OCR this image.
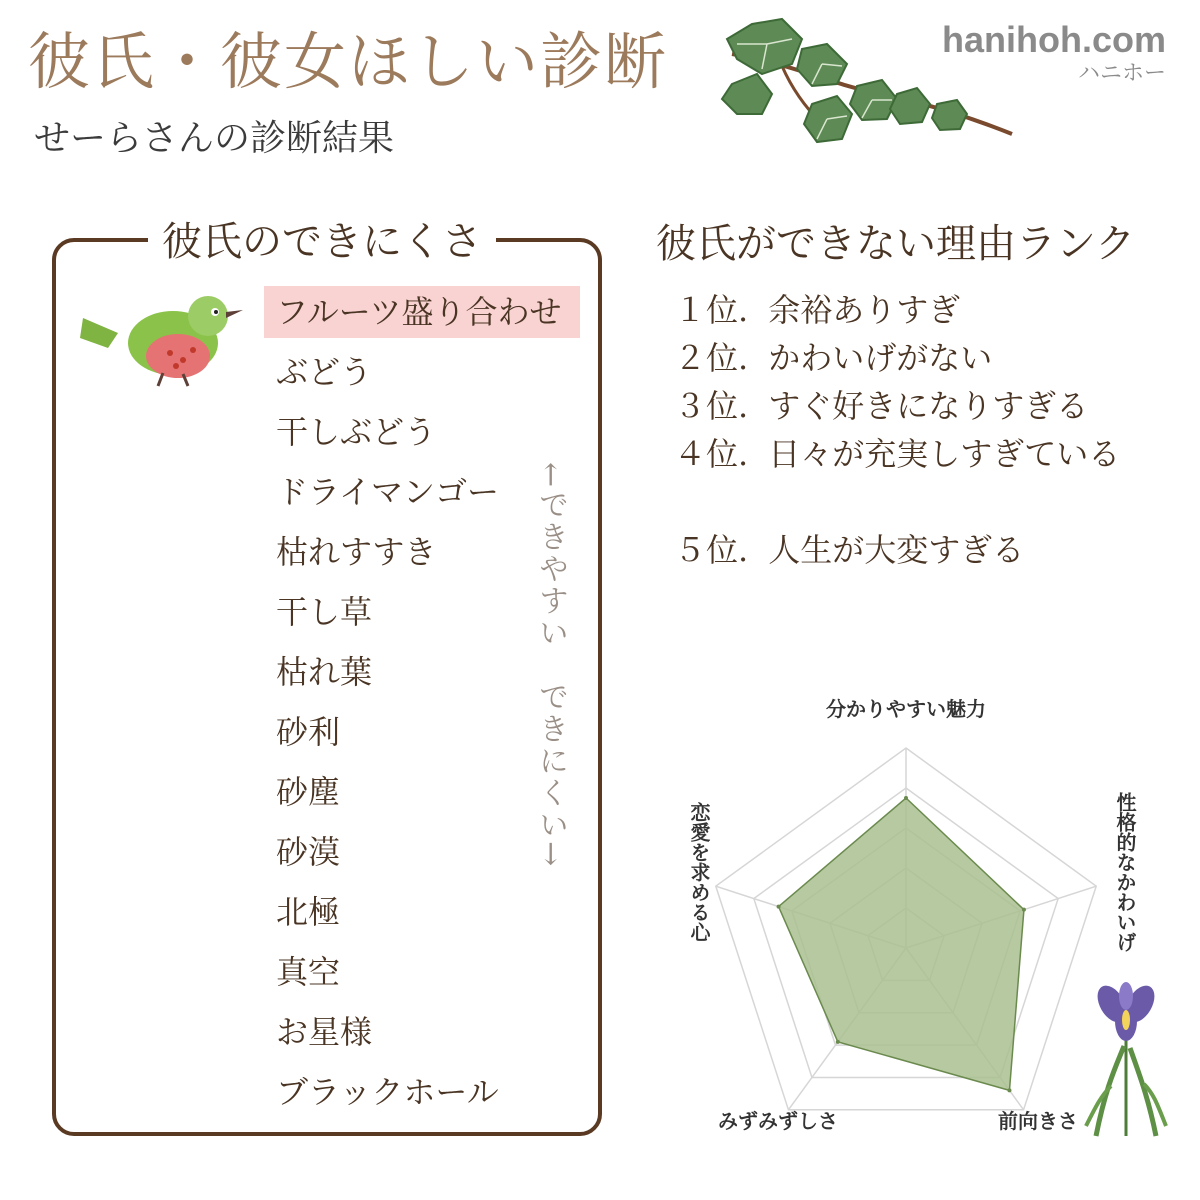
彼氏・彼女ほしい診断
せーらさんの診断結果
hanihoh.com
ハニホー
彼氏のできにくさ
フルーツ盛り合わせ
ぶどう
干しぶどう
ドライマンゴー
枯れすすき
干し草
枯れ葉
砂利
砂塵
砂漠
北極
真空
お星様
ブラックホール
←できやすい　できにくい→
彼氏ができない理由ランク
１位. 余裕ありすぎ
２位. かわいげがない
３位. すぐ好きになりすぎる
４位. 日々が充実しすぎている
５位. 人生が大変すぎる
分かりやすい魅力
性格的なかわいげ
前向きさ
みずみずしさ
恋愛を求める心
